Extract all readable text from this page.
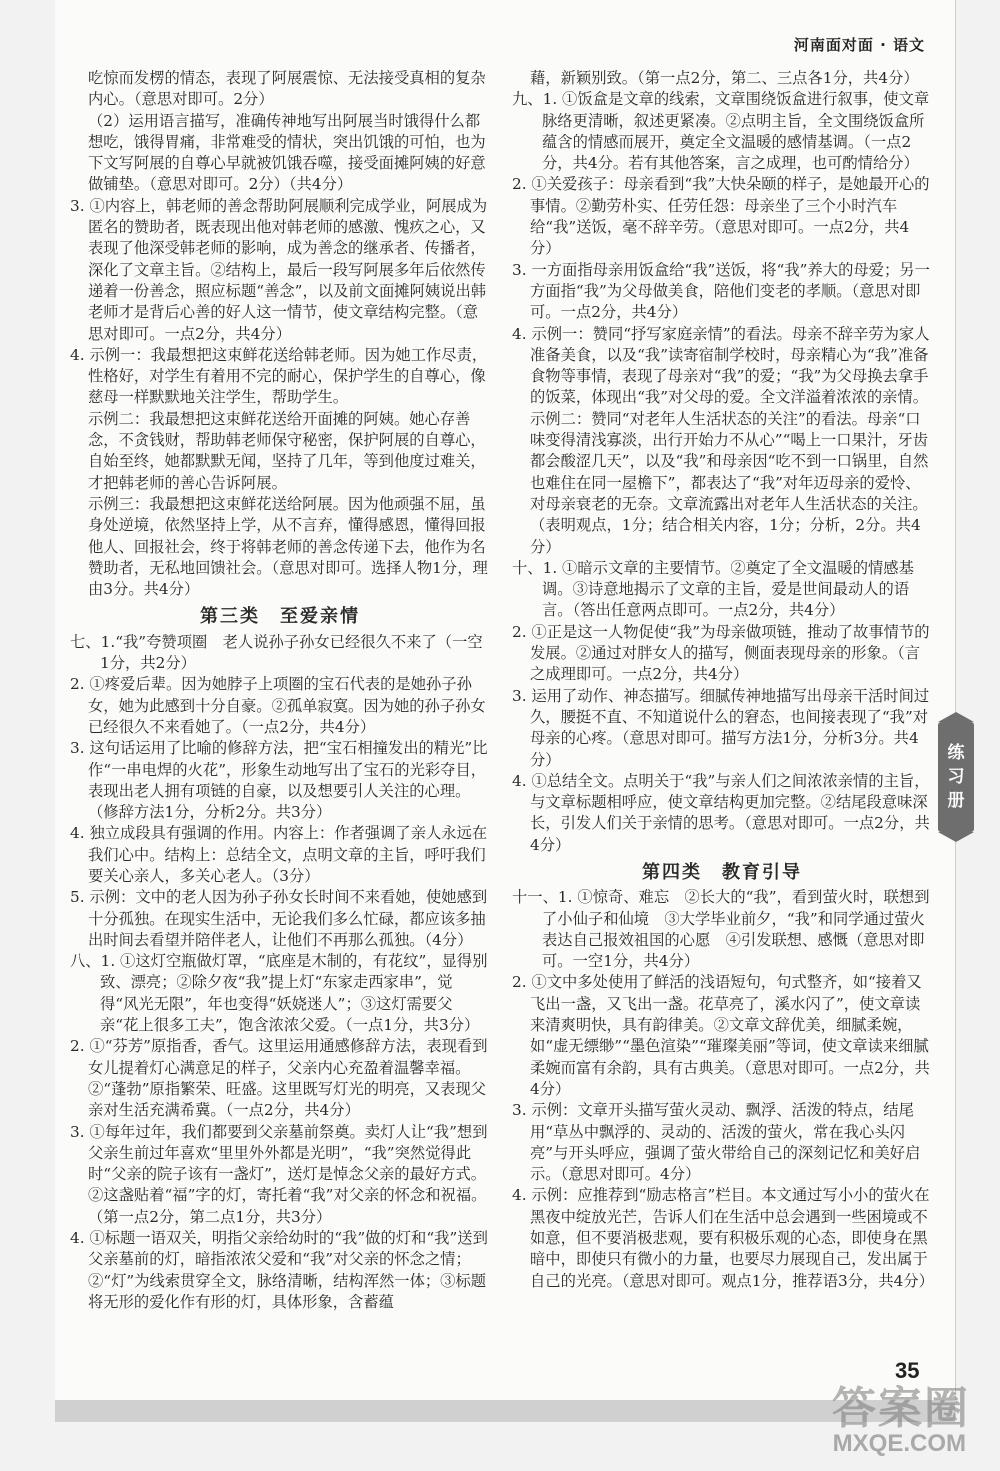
河南面对面 · 语文

吃惊而发楞的情态，表现了阿展震惊、无法接受真相的复杂内心。（意思对即可。2分）

（2）运用语言描写，准确传神地写出阿展当时饿得什么都想吃，饿得胃痛，非常难受的情状，突出饥饿的可怕，也为下文写阿展的自尊心早就被饥饿吞噬，接受面摊阿姨的好意做铺垫。（意思对即可。2分）（共4分）

3. ①内容上，韩老师的善念帮助阿展顺利完成学业，阿展成为匿名的赞助者，既表现出他对韩老师的感激、愧疚之心，又表现了他深受韩老师的影响，成为善念的继承者、传播者，深化了文章主旨。②结构上，最后一段写阿展多年后依然传递着一份善念，照应标题“善念”，以及前文面摊阿姨说出韩老师才是背后心善的好人这一情节，使文章结构完整。（意思对即可。一点2分，共4分）

4. 示例一：我最想把这束鲜花送给韩老师。因为她工作尽责，性格好，对学生有着用不完的耐心，保护学生的自尊心，像慈母一样默默地关注学生，帮助学生。

示例二：我最想把这束鲜花送给开面摊的阿姨。她心存善念，不贪钱财，帮助韩老师保守秘密，保护阿展的自尊心，自始至终，她都默默无闻，坚持了几年，等到他度过难关，才把韩老师的善心告诉阿展。

示例三：我最想把这束鲜花送给阿展。因为他顽强不屈，虽身处逆境，依然坚持上学，从不言弃，懂得感恩，懂得回报他人、回报社会，终于将韩老师的善念传递下去，他作为名赞助者，无私地回馈社会。（意思对即可。选择人物1分，理由3分。共4分）

第三类　至爱亲情

七、1.“我”夸赞项圈　老人说孙子孙女已经很久不来了（一空1分，共2分）

2. ①疼爱后辈。因为她脖子上项圈的宝石代表的是她孙子孙女，她为此感到十分自豪。②孤单寂寞。因为她的孙子孙女已经很久不来看她了。（一点2分，共4分）

3. 这句话运用了比喻的修辞方法，把“宝石相撞发出的精光”比作“一串电焊的火花”，形象生动地写出了宝石的光彩夺目，表现出老人拥有项链的自豪，以及想要引人关注的心理。（修辞方法1分，分析2分。共3分）

4. 独立成段具有强调的作用。内容上：作者强调了亲人永远在我们心中。结构上：总结全文，点明文章的主旨，呼吁我们要关心亲人，多关心老人。（3分）

5. 示例：文中的老人因为孙子孙女长时间不来看她，使她感到十分孤独。在现实生活中，无论我们多么忙碌，都应该多抽出时间去看望并陪伴老人，让他们不再那么孤独。（4分）

八、1. ①这灯空瓶做灯罩，“底座是木制的，有花纹”，显得别致、漂亮；②除夕夜“我”提上灯“东家走西家串”，觉得“风光无限”，年也变得“妖娆迷人”；③这灯需要父亲“花上很多工夫”，饱含浓浓父爱。（一点1分，共3分）

2. ①“芬芳”原指香，香气。这里运用通感修辞方法，表现看到女儿提着灯心满意足的样子，父亲内心充盈着温馨幸福。②“蓬勃”原指繁荣、旺盛。这里既写灯光的明亮，又表现父亲对生活充满希冀。（一点2分，共4分）

3. ①每年过年，我们都要到父亲墓前祭奠。卖灯人让“我”想到父亲生前过年喜欢“里里外外都是光明”，“我”突然觉得此时“父亲的院子该有一盏灯”，送灯是悼念父亲的最好方式。②这盏贴着“福”字的灯，寄托着“我”对父亲的怀念和祝福。（第一点2分，第二点1分，共3分）

4. ①标题一语双关，明指父亲给幼时的“我”做的灯和“我”送到父亲墓前的灯，暗指浓浓父爱和“我”对父亲的怀念之情；②“灯”为线索贯穿全文，脉络清晰，结构浑然一体；③标题将无形的爱化作有形的灯，具体形象，含蓄蕴

藉，新颖别致。（第一点2分，第二、三点各1分，共4分）

九、1. ①饭盒是文章的线索，文章围绕饭盒进行叙事，使文章脉络更清晰，叙述更紧凑。②点明主旨，全文围绕饭盒所蕴含的情感而展开，奠定全文温暖的感情基调。（一点2分，共4分。若有其他答案，言之成理，也可酌情给分）

2. ①关爱孩子：母亲看到“我”大快朵颐的样子，是她最开心的事情。②勤劳朴实、任劳任怨：母亲坐了三个小时汽车给“我”送饭，毫不辞辛劳。（意思对即可。一点2分，共4分）

3. 一方面指母亲用饭盒给“我”送饭，将“我”养大的母爱；另一方面指“我”为父母做美食，陪他们变老的孝顺。（意思对即可。一点2分，共4分）

4. 示例一：赞同“抒写家庭亲情”的看法。母亲不辞辛劳为家人准备美食，以及“我”读寄宿制学校时，母亲精心为“我”准备食物等事情，表现了母亲对“我”的爱；“我”为父母换去拿手的饭菜，体现出“我”对父母的爱。全文洋溢着浓浓的亲情。

示例二：赞同“对老年人生活状态的关注”的看法。母亲“口味变得清浅寡淡，出行开始力不从心”“喝上一口果汁，牙齿都会酸涩几天”，以及“我”和母亲因“吃不到一口锅里，自然也难住在同一屋檐下”，都表达了“我”对年迈母亲的爱怜、对母亲衰老的无奈。文章流露出对老年人生活状态的关注。（表明观点，1分；结合相关内容，1分；分析，2分。共4分）

十、1. ①暗示文章的主要情节。②奠定了全文温暖的情感基调。③诗意地揭示了文章的主旨，爱是世间最动人的语言。（答出任意两点即可。一点2分，共4分）

2. ①正是这一人物促使“我”为母亲做项链，推动了故事情节的发展。②通过对胖女人的描写，侧面表现母亲的形象。（言之成理即可。一点2分，共4分）

3. 运用了动作、神态描写。细腻传神地描写出母亲干活时间过久，腰挺不直、不知道说什么的窘态，也间接表现了“我”对母亲的心疼。（意思对即可。描写方法1分，分析3分。共4分）

4. ①总结全文。点明关于“我”与亲人们之间浓浓亲情的主旨，与文章标题相呼应，使文章结构更加完整。②结尾段意味深长，引发人们关于亲情的思考。（意思对即可。一点2分，共4分）

第四类　教育引导

十一、1. ①惊奇、难忘　②长大的“我”，看到萤火时，联想到了小仙子和仙境　③大学毕业前夕，“我”和同学通过萤火表达自己报效祖国的心愿　④引发联想、感慨（意思对即可。一空1分，共4分）

2. ①文中多处使用了鲜活的浅语短句，句式整齐，如“接着又飞出一盏，又飞出一盏。花草亮了，溪水闪了”，使文章读来清爽明快，具有韵律美。②文章文辞优美，细腻柔婉，如“虚无缥缈”“墨色渲染”“璀璨美丽”等词，使文章读来细腻柔婉而富有余韵，具有古典美。（意思对即可。一点2分，共4分）

3. 示例：文章开头描写萤火灵动、飘浮、活泼的特点，结尾用“草丛中飘浮的、灵动的、活泼的萤火，常在我心头闪亮”与开头呼应，强调了萤火带给自己的深刻记忆和美好启示。（意思对即可。4分）

4. 示例：应推荐到“励志格言”栏目。本文通过写小小的萤火在黑夜中绽放光芒，告诉人们在生活中总会遇到一些困境或不如意，但不要消极悲观，要有积极乐观的心态，即使身在黑暗中，即使只有微小的力量，也要尽力展现自己，发出属于自己的光亮。（意思对即可。观点1分，推荐语3分，共4分）

练
习
册
35
答案圈
MXQE.COM
